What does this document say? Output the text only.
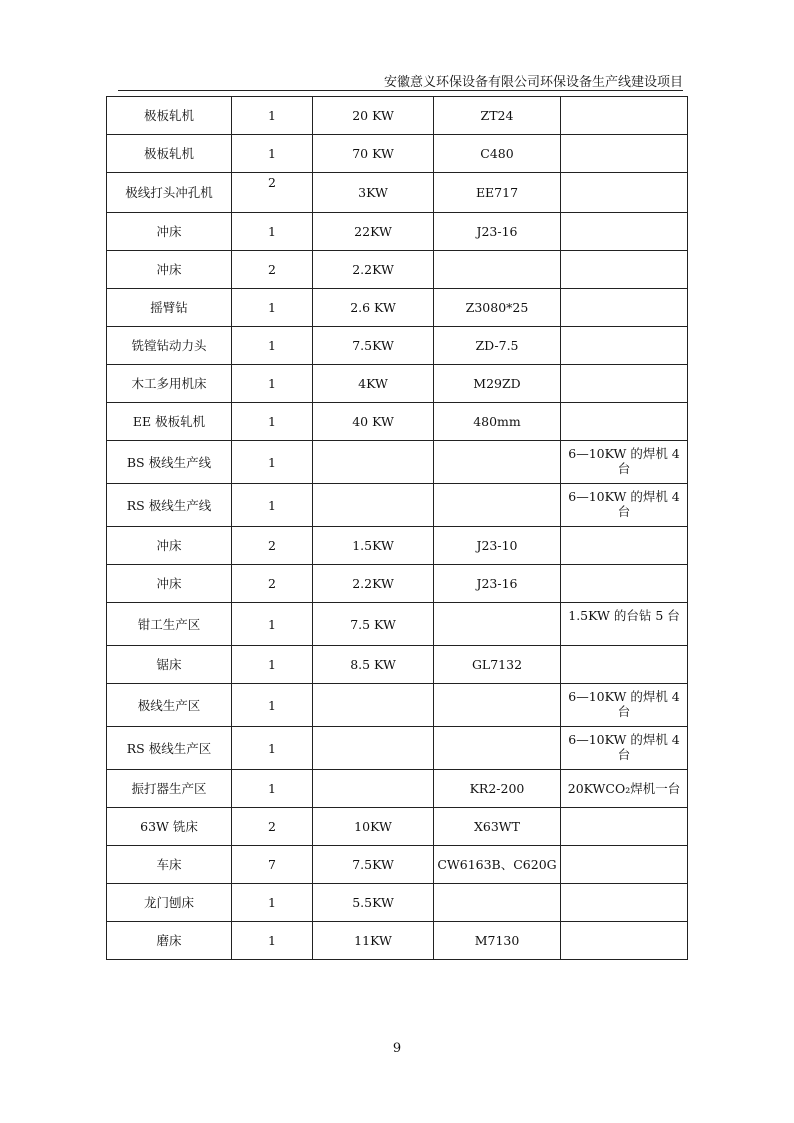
安徽意义环保设备有限公司环保设备生产线建设项目
极板轧机	1	20 KW	ZT24	
极板轧机	1	70 KW	C480	
极线打头冲孔机	2	3KW	EE717	
冲床	1	22KW	J23-16	
冲床	2	2.2KW		
摇臂钻	1	2.6 KW	Z3080*25	
铣镗钻动力头	1	7.5KW	ZD-7.5	
木工多用机床	1	4KW	M29ZD	
EE 极板轧机	1	40 KW	480mm	
BS 极线生产线	1			6—10KW 的焊机 4 台
RS 极线生产线	1			6—10KW 的焊机 4 台
冲床	2	1.5KW	J23-10	
冲床	2	2.2KW	J23-16	
钳工生产区	1	7.5 KW		1.5KW 的台钻 5 台
锯床	1	8.5 KW	GL7132	
极线生产区	1			6—10KW 的焊机 4 台
RS 极线生产区	1			6—10KW 的焊机 4 台
振打器生产区	1		KR2-200	20KWCO₂焊机一台
63W 铣床	2	10KW	X63WT	
车床	7	7.5KW	CW6163B、C620G	
龙门刨床	1	5.5KW		
磨床	1	11KW	M7130	
9
